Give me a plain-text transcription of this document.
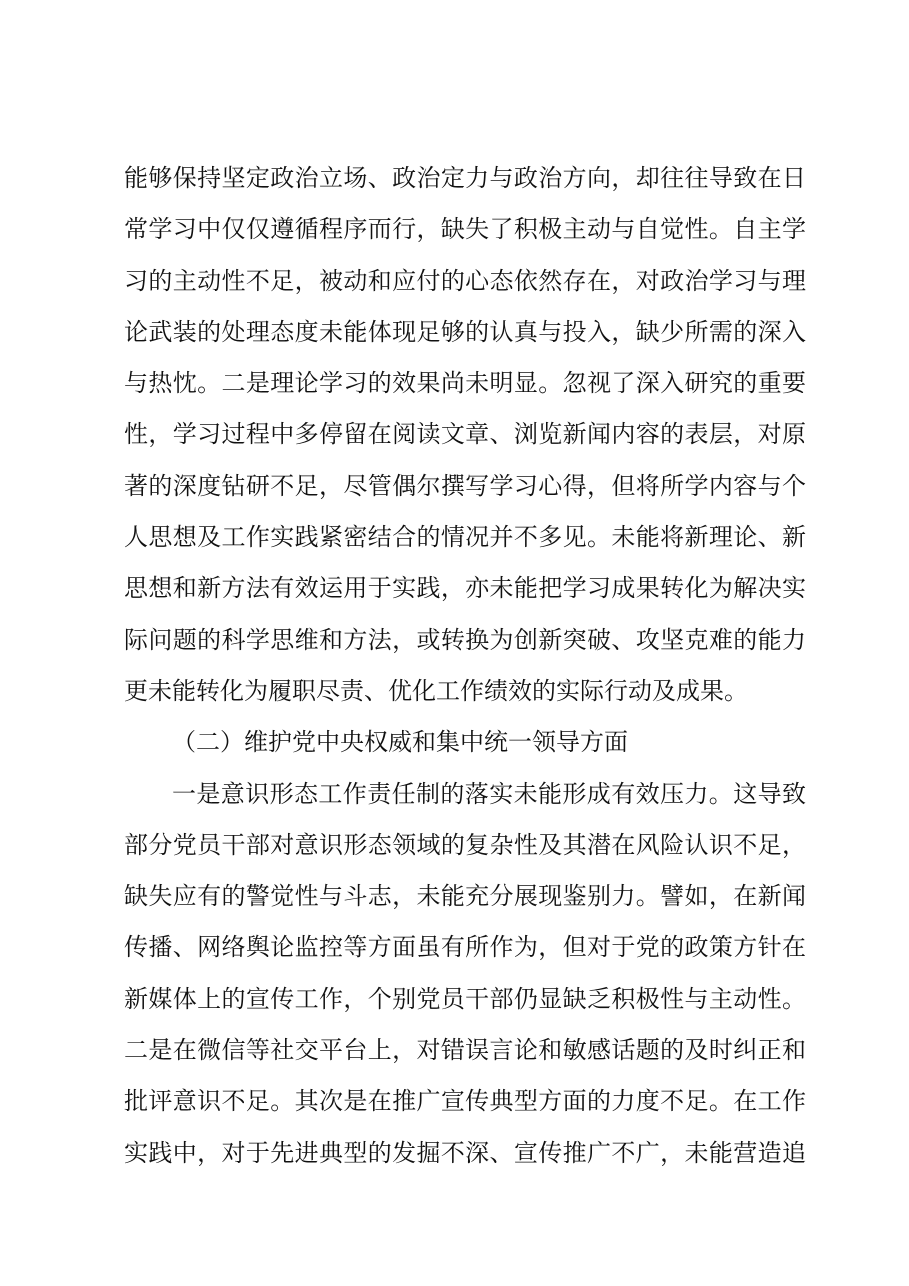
能够保持坚定政治立场、政治定力与政治方向，却往往导致在日
常学习中仅仅遵循程序而行，缺失了积极主动与自觉性。自主学
习的主动性不足，被动和应付的心态依然存在，对政治学习与理
论武装的处理态度未能体现足够的认真与投入，缺少所需的深入
与热忱。二是理论学习的效果尚未明显。忽视了深入研究的重要
性，学习过程中多停留在阅读文章、浏览新闻内容的表层，对原
著的深度钻研不足，尽管偶尔撰写学习心得，但将所学内容与个
人思想及工作实践紧密结合的情况并不多见。未能将新理论、新
思想和新方法有效运用于实践，亦未能把学习成果转化为解决实
际问题的科学思维和方法，或转换为创新突破、攻坚克难的能力
更未能转化为履职尽责、优化工作绩效的实际行动及成果。
（二）维护党中央权威和集中统一领导方面
一是意识形态工作责任制的落实未能形成有效压力。这导致
部分党员干部对意识形态领域的复杂性及其潜在风险认识不足，
缺失应有的警觉性与斗志，未能充分展现鉴别力。譬如，在新闻
传播、网络舆论监控等方面虽有所作为，但对于党的政策方针在
新媒体上的宣传工作，个别党员干部仍显缺乏积极性与主动性。
二是在微信等社交平台上，对错误言论和敏感话题的及时纠正和
批评意识不足。其次是在推广宣传典型方面的力度不足。在工作
实践中，对于先进典型的发掘不深、宣传推广不广，未能营造追
